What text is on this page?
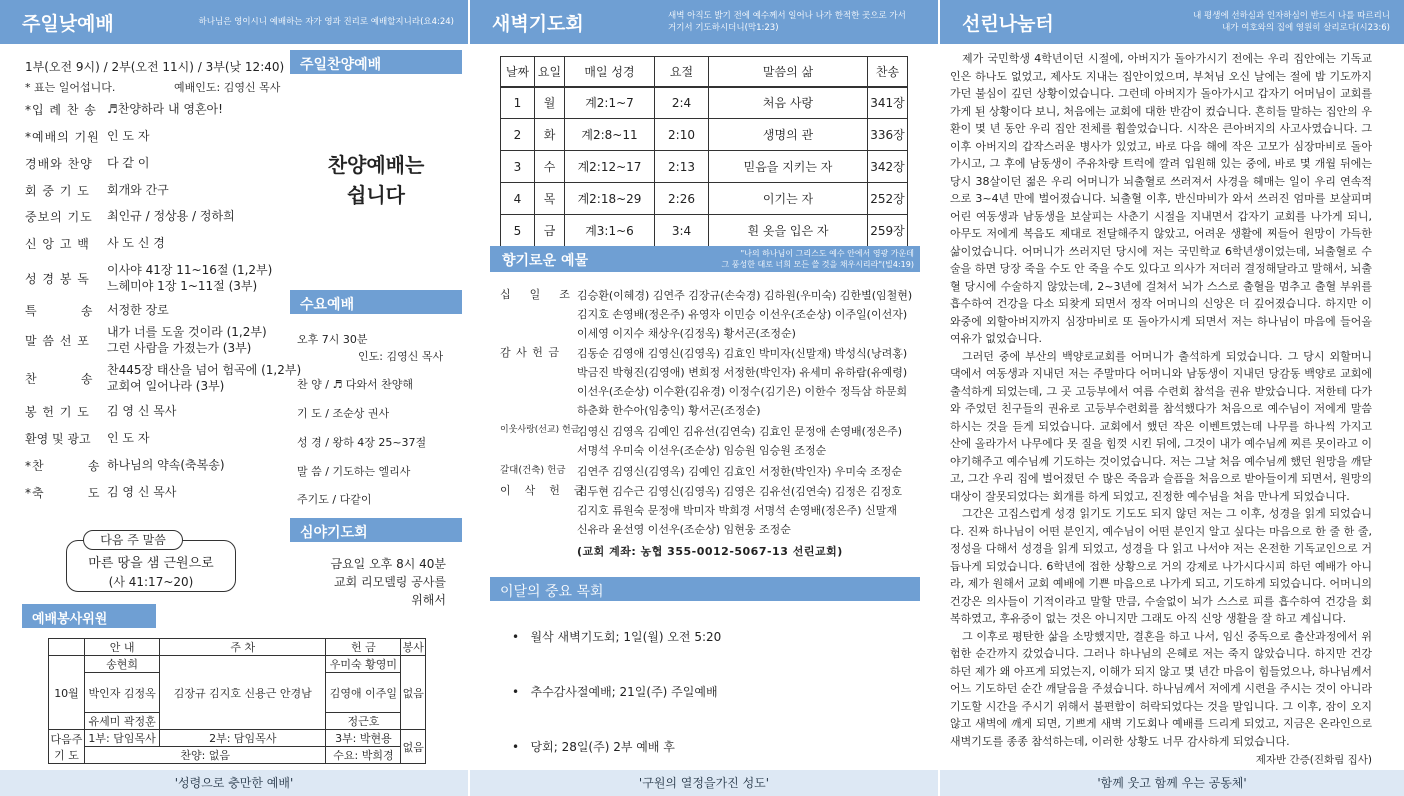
주일낮예배	하나님은 영이시니 예배하는 자가 영과 진리로 예배할지니라(요4:24)
1부(오전 9시) / 2부(오전 11시) / 3부(낮 12:40)
* 표는 일어섭니다.	예배인도: 김영신 목사
*입 례 찬 송 ♬찬양하라 내 영혼아!
*예배의 기원 인 도 자
경배와 찬양	다 같 이
회 중 기 도	회개와 간구
중보의 기도	최인규 / 정상용 / 정하희
신 앙 고 백	사 도 신 경
성 경 봉 독
이사야 41장 11~16절 (1,2부)
느헤미야 1장 1~11절 (3부)
특         송	서정한 장로
말 씀 선 포
내가 너를 도울 것이라 (1,2부)
그런 사람을 가졌는가 (3부)
찬         송
찬445장 태산을 넘어 험곡에 (1,2부)
교회여 일어나라 (3부)
봉 헌 기 도	김 영 신 목사
환영 및 광고	인 도 자
*찬         송 하나님의 약속(축복송)
*축         도 김 영 신 목사
다음 주 말씀
마른 땅을 샘 근원으로
(사 41:17~20)
예배봉사위원
	안 내	주 차	헌 금	봉사
10월	송현희	김장규 김지호 신용근 안경남	우미숙 황영미	없음
	박인자 김정옥		김영애 이주일	
	유세미 곽정훈		정근호	
다음주 기 도	1부: 담임목사	2부: 담임목사	3부: 박현용	없음
	찬양: 없음		수요: 박희경	
'성령으로 충만한 예배'
주일찬양예배
찬양예배는
쉽니다
수요예배
오후 7시 30분
인도: 김영신 목사
찬 양 / ♬ 다와서 찬양해
기 도 / 조순상 권사
성 경 / 왕하 4장 25~37절
말 씀 / 기도하는 엘리사
주기도 / 다같이
심야기도회
금요일 오후 8시 40분
교회 리모델링 공사를
위해서
새벽기도회	새벽 아직도 밝기 전에 예수께서 일어나 나가 한적한 곳으로 가서
거기서 기도하시더니(막1:23)
날짜	요일	매일 성경	요절	말씀의 삶	찬송
1	월	계2:1~7	2:4	처음 사랑	341장
2	화	계2:8~11	2:10	생명의 관	336장
3	수	계2:12~17	2:13	믿음을 지키는 자	342장
4	목	계2:18~29	2:26	이기는 자	252장
5	금	계3:1~6	3:4	흰 옷을 입은 자	259장
향기로운 예물	"나의 하나님이 그리스도 예수 안에서 영광 가운데
그 풍성한 대로 너희 모든 쓸 것을 채우시리라"(빌4:19)
십    일    조 김승환(이혜경) 김연주 김장규(손숙경) 김하원(우미숙) 김한별(임철현)
김지호 손영배(정은주) 유영자 이민승 이선우(조순상) 이주일(이선자)
이세영 이지수 채상우(김정옥) 황서곤(조정순)
감 사 헌 금	김동순 김영애 김영신(김영옥) 김효인 박미자(신말재) 박성식(낭려홍)
박금진 박형진(김영애) 변희정 서정한(박인자) 유세미 유하람(유예령)
이선우(조순상) 이수환(김유경) 이정수(김기은) 이한수 정득삼 하문희
하춘화 한수아(임충익) 황서곤(조정순)
이웃사랑(선교) 헌금
김영신 김영옥 김예인 김유선(김연숙) 김효인 문정애 손영배(정은주)
서명석 우미숙 이선우(조순상) 임승원 임승원 조정순
갈대(건축) 헌금	김연주 김영신(김영옥) 김예인 김효인 서정한(박인자) 우미숙 조정순
이    삭    헌    금
김두현 김수근 김영신(김영옥) 김영은 김유선(김연숙) 김정은 김정호
김지호 류원숙 문정애 박미자 박희경 서명석 손영배(정은주) 신말재
신유라 윤선영 이선우(조순상) 임현웅 조정순
(교회 계좌: 농협 355-0012-5067-13 선린교회)
이달의 중요 목회
•   월삭 새벽기도회; 1일(월) 오전 5:20
•   추수감사절예배; 21일(주) 주일예배
•   당회; 28일(주) 2부 예배 후
'구원의 열정을가진 성도'
선린나눔터	내 평생에 선하심과 인자하심이 반드시 나를 따르리니
내가 여호와의 집에 영원히 살리로다(시23:6)

제가 국민학생 4학년이던 시절에, 아버지가 돌아가시기 전에는 우리 집안에는 기독교인은 하나도 없었고, 제사도 지내는 집안이었으며, 부처님 오신 날에는 절에 밤 기도까지 가던 불심이 깊던 상황이었습니다. 그런데 아버지가 돌아가시고 갑자기 어머님이 교회를 가게 된 상황이다 보니, 처음에는 교회에 대한 반감이 컸습니다. 흔히들 말하는 집안의 우환이 몇 년 동안 우리 집안 전체를 휩쓸었습니다. 시작은 큰아버지의 사고사였습니다. 그 이후 아버지의 갑작스러운 병사가 있었고, 바로 다음 해에 작은 고모가 심장마비로 돌아가시고, 그 후에 남동생이 주유차량 트럭에 깔려 입원해 있는 중에, 바로 몇 개월 뒤에는 당시 38살이던 젊은 우리 어머니가 뇌출혈로 쓰러져서 사경을 헤매는 일이 우리 연속적으로 3~4년 만에 벌어졌습니다. 뇌출혈 이후, 반신마비가 와서 쓰러진 엄마를 보살피며 어린 여동생과 남동생을 보살피는 사춘기 시절을 지내면서 갑자기 교회를 나가게 되니, 아무도 저에게 복음도 제대로 전달해주지 않았고, 어려운 생활에 찌들어 원망이 가득한 삶이었습니다. 어머니가 쓰러지던 당시에 저는 국민학교 6학년생이었는데, 뇌출혈로 수술을 하면 당장 죽을 수도 안 죽을 수도 있다고 의사가 저더러 결정해달라고 말해서, 뇌출혈 당시에 수술하지 않았는데, 2~3년에 걸쳐서 뇌가 스스로 출혈을 멈추고 출혈 부위를 흡수하여 건강을 다소 되찾게 되면서 정작 어머니의 신앙은 더 깊어졌습니다. 하지만 이 와중에 외할아버지까지 심장마비로 또 돌아가시게 되면서 저는 하나님이 마음에 들어올 여유가 없었습니다.

그러던 중에 부산의 백양로교회를 어머니가 출석하게 되었습니다. 그 당시 외할머니 댁에서 여동생과 지내던 저는 주말마다 어머니와 남동생이 지내던 당감동 백양로 교회에 출석하게 되었는데, 그 곳 고등부에서 여름 수련회 참석을 권유 받았습니다. 저한테 다가와 주었던 친구들의 권유로 고등부수련회를 참석했다가 처음으로 예수님이 저에게 말씀하시는 것을 듣게 되었습니다. 교회에서 했던 작은 이벤트였는데 나무를 하나씩 가지고 산에 올라가서 나무에다 못 질을 힘껏 시킨 뒤에, 그것이 내가 예수님께 찌른 못이라고 이야기해주고 예수님께 기도하는 것이었습니다. 저는 그날 처음 예수님께 했던 원망을 깨닫고, 그간 우리 집에 벌어졌던 수 많은 죽음과 슬픔을 처음으로 받아들이게 되면서, 원망의 대상이 잘못되었다는 회개를 하게 되었고, 진정한 예수님을 처음 만나게 되었습니다.

그간은 고집스럽게 성경 읽기도 기도도 되지 않던 저는 그 이후, 성경을 읽게 되었습니다. 진짜 하나님이 어떤 분인지, 예수님이 어떤 분인지 알고 싶다는 마음으로 한 줄 한 줄, 정성을 다해서 성경을 읽게 되었고, 성경을 다 읽고 나서야 저는 온전한 기독교인으로 거듭나게 되었습니다. 6학년에 접한 상황으로 거의 강제로 나가시다시피 하던 예배가 아니라, 제가 원해서 교회 예배에 기쁜 마음으로 나가게 되고, 기도하게 되었습니다. 어머니의 건강은 의사들이 기적이라고 말할 만큼, 수술없이 뇌가 스스로 피를 흡수하여 건강을 회복하였고, 후유증이 없는 것은 아니지만 그래도 아직 신앙 생활을 잘 하고 계십니다.

그 이후로 평탄한 삶을 소망했지만, 결혼을 하고 나서, 임신 중독으로 출산과정에서 위험한 순간까지 갔었습니다. 그러나 하나님의 은혜로 저는 죽지 않았습니다. 하지만 건강하던 제가 왜 아프게 되었는지, 이해가 되지 않고 몇 년간 마음이 힘들었으나, 하나님께서 어느 기도하던 순간 깨달음을 주셨습니다. 하나님께서 저에게 시련을 주시는 것이 아니라 기도할 시간을 주시기 위해서 불편함이 허락되었다는 것을 말입니다. 그 이후, 잠이 오지 않고 새벽에 깨게 되면, 기쁘게 새벽 기도회나 예배를 드리게 되었고, 지금은 온라인으로 새벽기도를 종종 참석하는데, 이러한 상황도 너무 감사하게 되었습니다.

제자반 간증(진화림 집사)
'함께 웃고 함께 우는 공동체'
